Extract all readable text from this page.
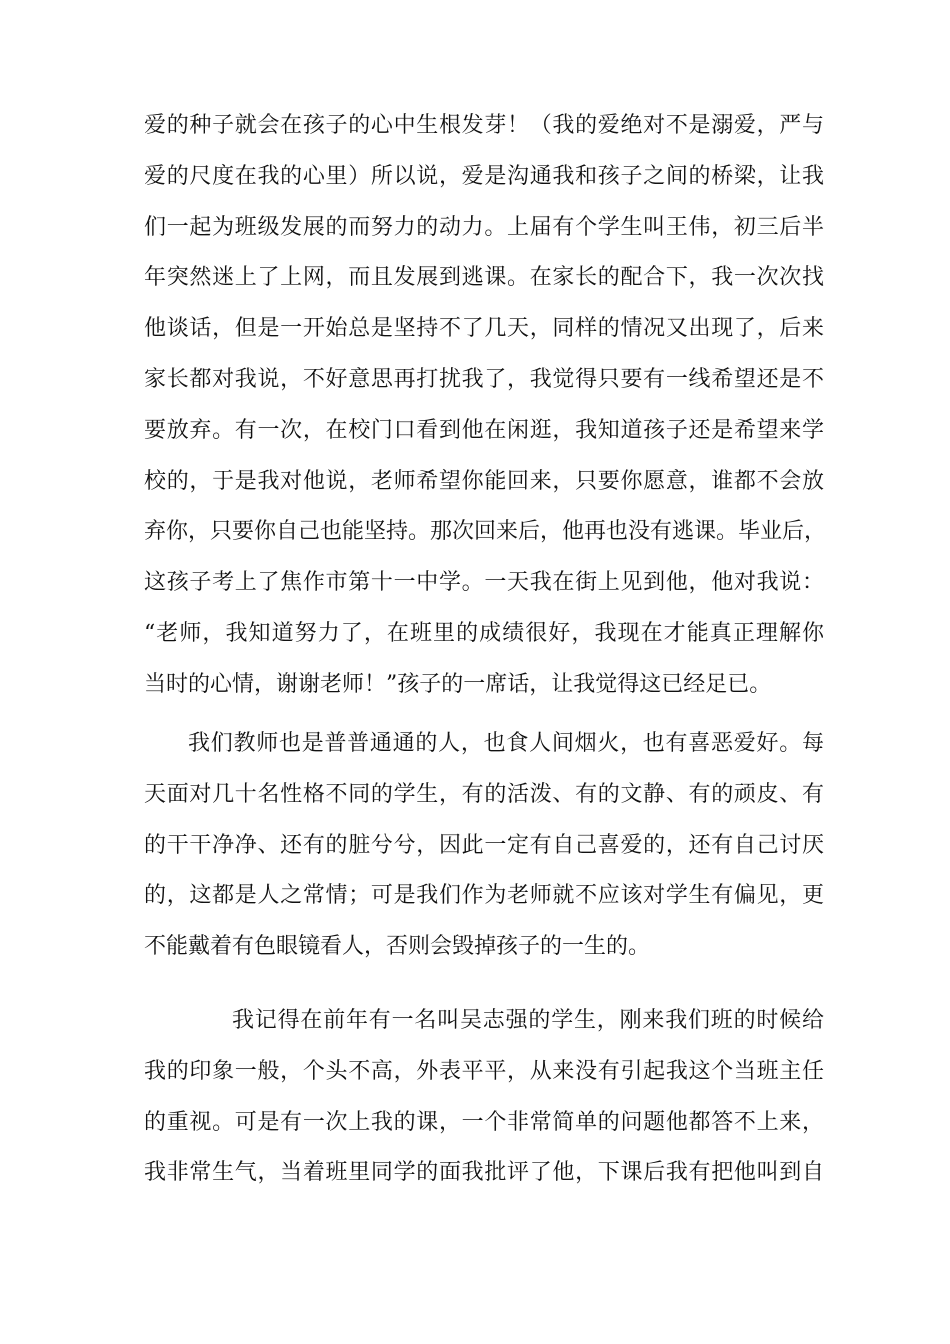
爱的种子就会在孩子的心中生根发芽！（我的爱绝对不是溺爱，严与
爱的尺度在我的心里）所以说，爱是沟通我和孩子之间的桥梁，让我
们一起为班级发展的而努力的动力。上届有个学生叫王伟，初三后半
年突然迷上了上网，而且发展到逃课。在家长的配合下，我一次次找
他谈话，但是一开始总是坚持不了几天，同样的情况又出现了，后来
家长都对我说，不好意思再打扰我了，我觉得只要有一线希望还是不
要放弃。有一次，在校门口看到他在闲逛，我知道孩子还是希望来学
校的，于是我对他说，老师希望你能回来，只要你愿意，谁都不会放
弃你，只要你自己也能坚持。那次回来后，他再也没有逃课。毕业后，
这孩子考上了焦作市第十一中学。一天我在街上见到他，他对我说：
“老师，我知道努力了，在班里的成绩很好，我现在才能真正理解你
当时的心情，谢谢老师！”孩子的一席话，让我觉得这已经足已。
我们教师也是普普通通的人，也食人间烟火，也有喜恶爱好。每
天面对几十名性格不同的学生，有的活泼、有的文静、有的顽皮、有
的干干净净、还有的脏兮兮，因此一定有自己喜爱的，还有自己讨厌
的，这都是人之常情；可是我们作为老师就不应该对学生有偏见，更
不能戴着有色眼镜看人，否则会毁掉孩子的一生的。
我记得在前年有一名叫吴志强的学生，刚来我们班的时候给
我的印象一般，个头不高，外表平平，从来没有引起我这个当班主任
的重视。可是有一次上我的课，一个非常简单的问题他都答不上来，
我非常生气，当着班里同学的面我批评了他，下课后我有把他叫到自
